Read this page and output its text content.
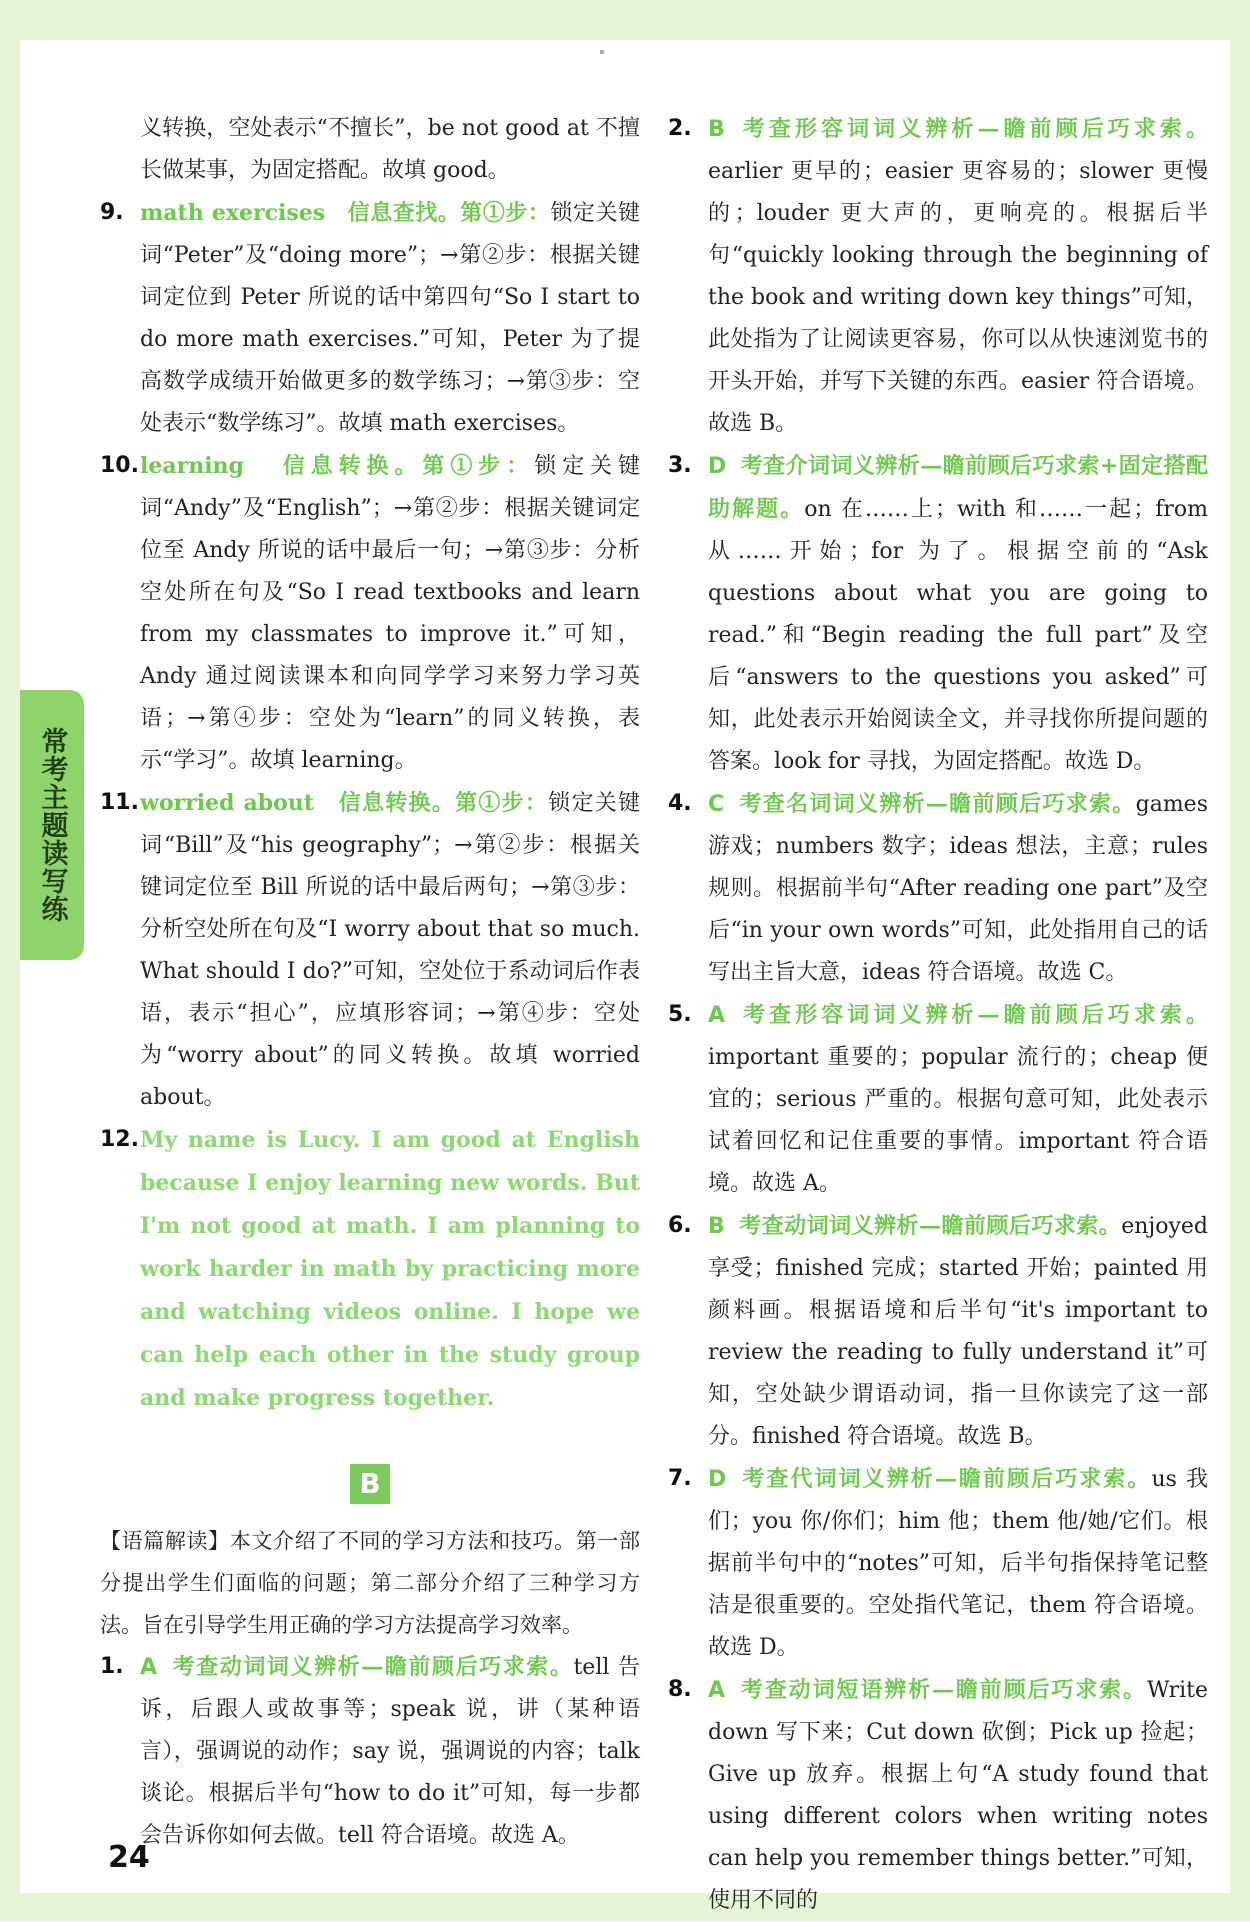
常考主题读写练

义转换，空处表示“不擅长”，be not good at 不擅长做某事，为固定搭配。故填 good。

9. math exercises 信息查找。第①步：锁定关键词“Peter”及“doing more”；→第②步：根据关键词定位到 Peter 所说的话中第四句“So I start to do more math exercises.”可知，Peter 为了提高数学成绩开始做更多的数学练习；→第③步：空处表示“数学练习”。故填 math exercises。
10. learning 信息转换。第①步：锁定关键词“Andy”及“English”；→第②步：根据关键词定位至 Andy 所说的话中最后一句；→第③步：分析空处所在句及“So I read textbooks and learn from my classmates to improve it.”可知，Andy 通过阅读课本和向同学学习来努力学习英语；→第④步：空处为“learn”的同义转换，表示“学习”。故填 learning。
11. worried about 信息转换。第①步：锁定关键词“Bill”及“his geography”；→第②步：根据关键词定位至 Bill 所说的话中最后两句；→第③步：分析空处所在句及“I worry about that so much. What should I do?”可知，空处位于系动词后作表语，表示“担心”，应填形容词；→第④步：空处为“worry about”的同义转换。故填 worried about。
12. My name is Lucy. I am good at English because I enjoy learning new words. But I'm not good at math. I am planning to work harder in math by practicing more and watching videos online. I hope we can help each other in the study group and make progress together.
B

【语篇解读】本文介绍了不同的学习方法和技巧。第一部分提出学生们面临的问题；第二部分介绍了三种学习方法。旨在引导学生用正确的学习方法提高学习效率。

1. A 考查动词词义辨析—瞻前顾后巧求索。tell 告诉，后跟人或故事等；speak 说，讲（某种语言），强调说的动作；say 说，强调说的内容；talk 谈论。根据后半句“how to do it”可知，每一步都会告诉你如何去做。tell 符合语境。故选 A。
2. B 考查形容词词义辨析—瞻前顾后巧求索。earlier 更早的；easier 更容易的；slower 更慢的；louder 更大声的，更响亮的。根据后半句“quickly looking through the beginning of the book and writing down key things”可知，此处指为了让阅读更容易，你可以从快速浏览书的开头开始，并写下关键的东西。easier 符合语境。故选 B。
3. D 考查介词词义辨析—瞻前顾后巧求索+固定搭配助解题。on 在……上；with 和……一起；from 从……开始；for 为了。根据空前的“Ask questions about what you are going to read.”和“Begin reading the full part”及空后“answers to the questions you asked”可知，此处表示开始阅读全文，并寻找你所提问题的答案。look for 寻找，为固定搭配。故选 D。
4. C 考查名词词义辨析—瞻前顾后巧求索。games 游戏；numbers 数字；ideas 想法，主意；rules 规则。根据前半句“After reading one part”及空后“in your own words”可知，此处指用自己的话写出主旨大意，ideas 符合语境。故选 C。
5. A 考查形容词词义辨析—瞻前顾后巧求索。important 重要的；popular 流行的；cheap 便宜的；serious 严重的。根据句意可知，此处表示试着回忆和记住重要的事情。important 符合语境。故选 A。
6. B 考查动词词义辨析—瞻前顾后巧求索。enjoyed 享受；finished 完成；started 开始；painted 用颜料画。根据语境和后半句“it's important to review the reading to fully understand it”可知，空处缺少谓语动词，指一旦你读完了这一部分。finished 符合语境。故选 B。
7. D 考查代词词义辨析—瞻前顾后巧求索。us 我们；you 你/你们；him 他；them 他/她/它们。根据前半句中的“notes”可知，后半句指保持笔记整洁是很重要的。空处指代笔记，them 符合语境。故选 D。
8. A 考查动词短语辨析—瞻前顾后巧求索。Write down 写下来；Cut down 砍倒；Pick up 捡起；Give up 放弃。根据上句“A study found that using different colors when writing notes can help you remember things better.”可知，使用不同的
24
